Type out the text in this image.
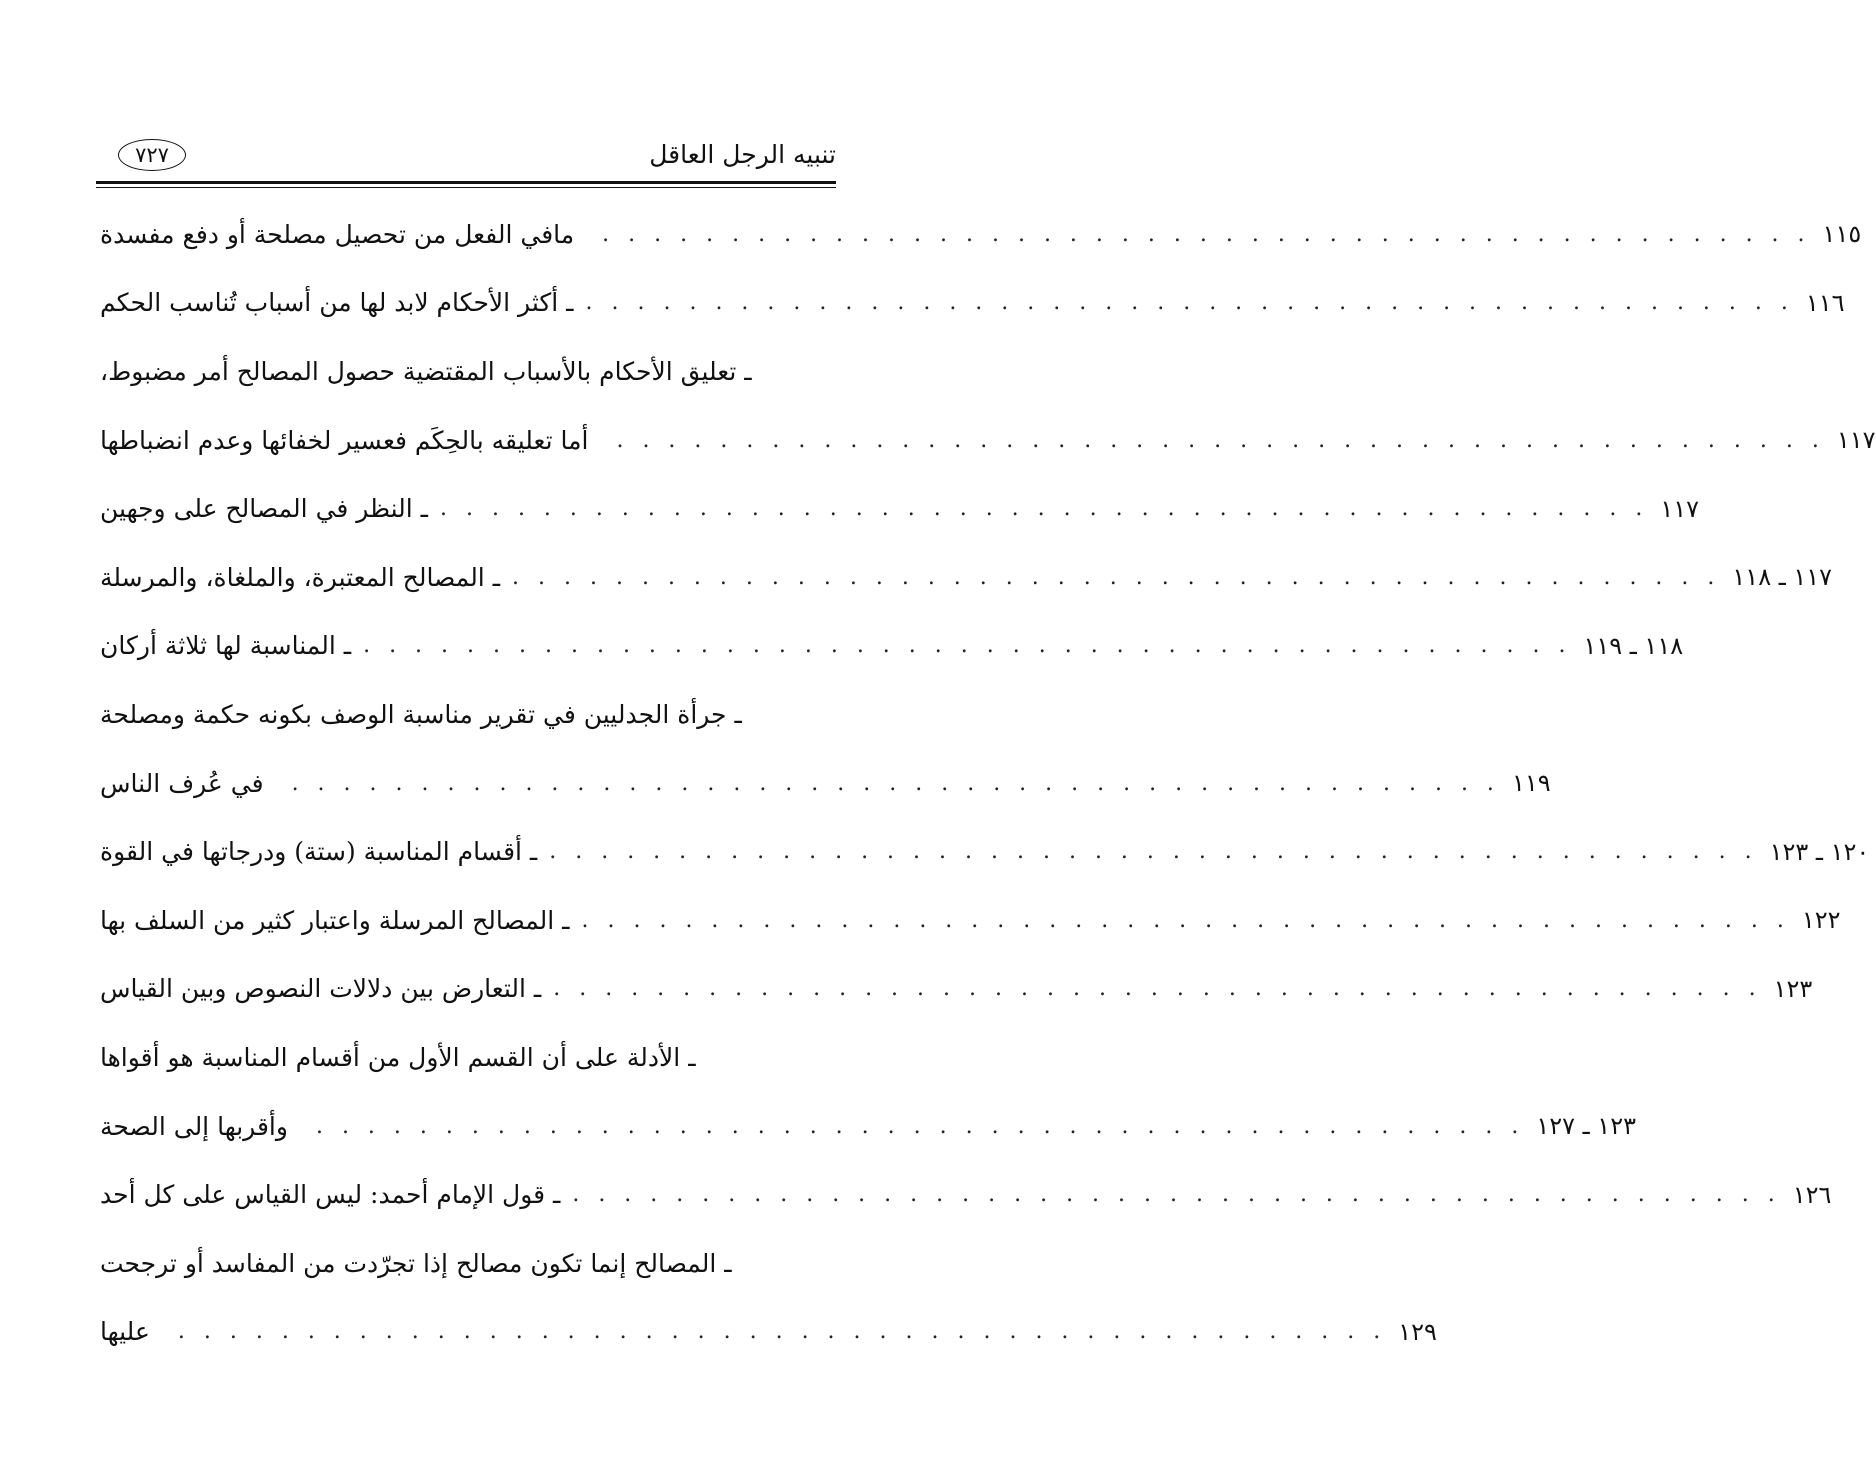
تنبيه الرجل العاقل
٧٢٧
مافي الفعل من تحصيل مصلحة أو دفع مفسدة . . . . . . . . . . . . . . . . . . . . . . . . . . . . . . . . . . . . . . . . . . . . . . . ١١٥
ـ أكثر الأحكام لابد لها من أسباب تُناسب الحكم . . . . . . . . . . . . . . . . . . . . . . . . . . . . . . . . . . . . . . . . . . . . . . . ١١٦
ـ تعليق الأحكام بالأسباب المقتضية حصول المصالح أمر مضبوط،
أما تعليقه بالحِكَم فعسير لخفائها وعدم انضباطها . . . . . . . . . . . . . . . . . . . . . . . . . . . . . . . . . . . . . . . . . . . . . . . ١١٧
ـ النظر في المصالح على وجهين . . . . . . . . . . . . . . . . . . . . . . . . . . . . . . . . . . . . . . . . . . . . . . . ١١٧
ـ المصالح المعتبرة، والملغاة، والمرسلة . . . . . . . . . . . . . . . . . . . . . . . . . . . . . . . . . . . . . . . . . . . . . . . ١١٧ ـ ١١٨
ـ المناسبة لها ثلاثة أركان . . . . . . . . . . . . . . . . . . . . . . . . . . . . . . . . . . . . . . . . . . . . . . . ١١٨ ـ ١١٩
ـ جرأة الجدليين في تقرير مناسبة الوصف بكونه حكمة ومصلحة
في عُرف الناس . . . . . . . . . . . . . . . . . . . . . . . . . . . . . . . . . . . . . . . . . . . . . . . ١١٩
ـ أقسام المناسبة (ستة) ودرجاتها في القوة . . . . . . . . . . . . . . . . . . . . . . . . . . . . . . . . . . . . . . . . . . . . . . . ١٢٠ ـ ١٢٣
ـ المصالح المرسلة واعتبار كثير من السلف بها . . . . . . . . . . . . . . . . . . . . . . . . . . . . . . . . . . . . . . . . . . . . . . . ١٢٢
ـ التعارض بين دلالات النصوص وبين القياس . . . . . . . . . . . . . . . . . . . . . . . . . . . . . . . . . . . . . . . . . . . . . . . ١٢٣
ـ الأدلة على أن القسم الأول من أقسام المناسبة هو أقواها
وأقربها إلى الصحة . . . . . . . . . . . . . . . . . . . . . . . . . . . . . . . . . . . . . . . . . . . . . . . ١٢٣ ـ ١٢٧
ـ قول الإمام أحمد: ليس القياس على كل أحد . . . . . . . . . . . . . . . . . . . . . . . . . . . . . . . . . . . . . . . . . . . . . . . ١٢٦
ـ المصالح إنما تكون مصالح إذا تجرّدت من المفاسد أو ترجحت
عليها . . . . . . . . . . . . . . . . . . . . . . . . . . . . . . . . . . . . . . . . . . . . . . . ١٢٩
